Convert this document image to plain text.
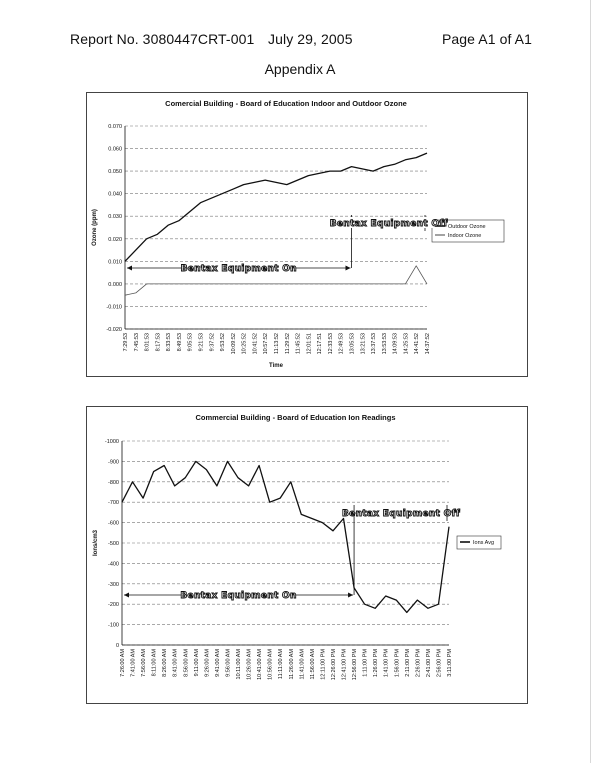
Report No. 3080447CRT-001 July 29, 2005	Page A1 of A1
Appendix A
Comercial Building - Board of Education Indoor and Outdoor Ozone
0.070
0.060
0.050
0.040
0.030
0.020
0.010
0.000
-0.010
-0.020
7:29:53 7:45:53 8:01:53 8:17:53 8:33:53 8:49:53 9:05:53 9:21:53 9:37:52 9:53:52 10:09:52 10:25:52 10:41:52 10:57:52 11:13:52 11:29:52 11:45:52 12:01:51 12:17:51 12:33:53 12:49:53 13:05:53 13:21:53 13:37:53 13:53:53 14:09:53 14:25:53 14:41:52 14:37:52
Time
Ozone (ppm)	Outdoor Ozone
Indoor Ozone
Bentax Equipment On
Bentax Equipment Off
Commercial Building - Board of Education Ion Readings
-1000
-900
-800
-700
-600
-500
-400
-300
-200
-100
0
7:26:00 AM 7:41:00 AM 7:56:00 AM 8:11:00 AM 8:26:00 AM 8:41:00 AM 8:56:00 AM 9:11:00 AM 9:26:00 AM 9:41:00 AM 9:56:00 AM 10:11:00 AM 10:26:00 AM 10:41:00 AM 10:56:00 AM 11:11:00 AM 11:26:00 AM 11:41:00 AM 11:56:00 AM 12:11:00 PM 12:26:00 PM 12:41:00 PM 12:56:00 PM 1:11:00 PM 1:26:00 PM 1:41:00 PM 1:56:00 PM 2:11:00 PM 2:26:00 PM 2:41:00 PM 2:56:00 PM 3:11:00 PM
Ions/cm3	Ions Avg
Bentax Equipment On
Bentax Equipment Off
